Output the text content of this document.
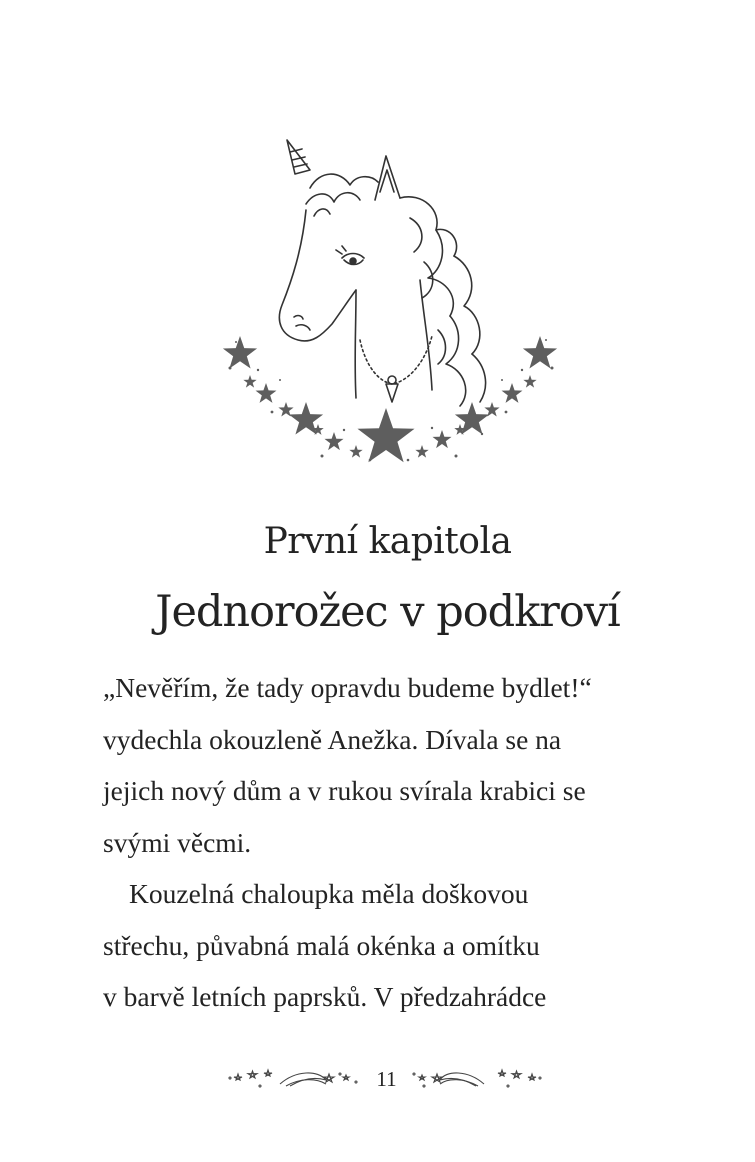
První kapitola
Jednorožec v podkroví

„Nevěřím, že tady opravdu budeme bydlet!“
vydechla okouzleně Anežka. Dívala se na
jejich nový dům a v rukou svírala krabici se
svými věcmi.

Kouzelná chaloupka měla doškovou
střechu, půvabná malá okénka a omítku
v barvě letních paprsků. V předzahrádce

11
